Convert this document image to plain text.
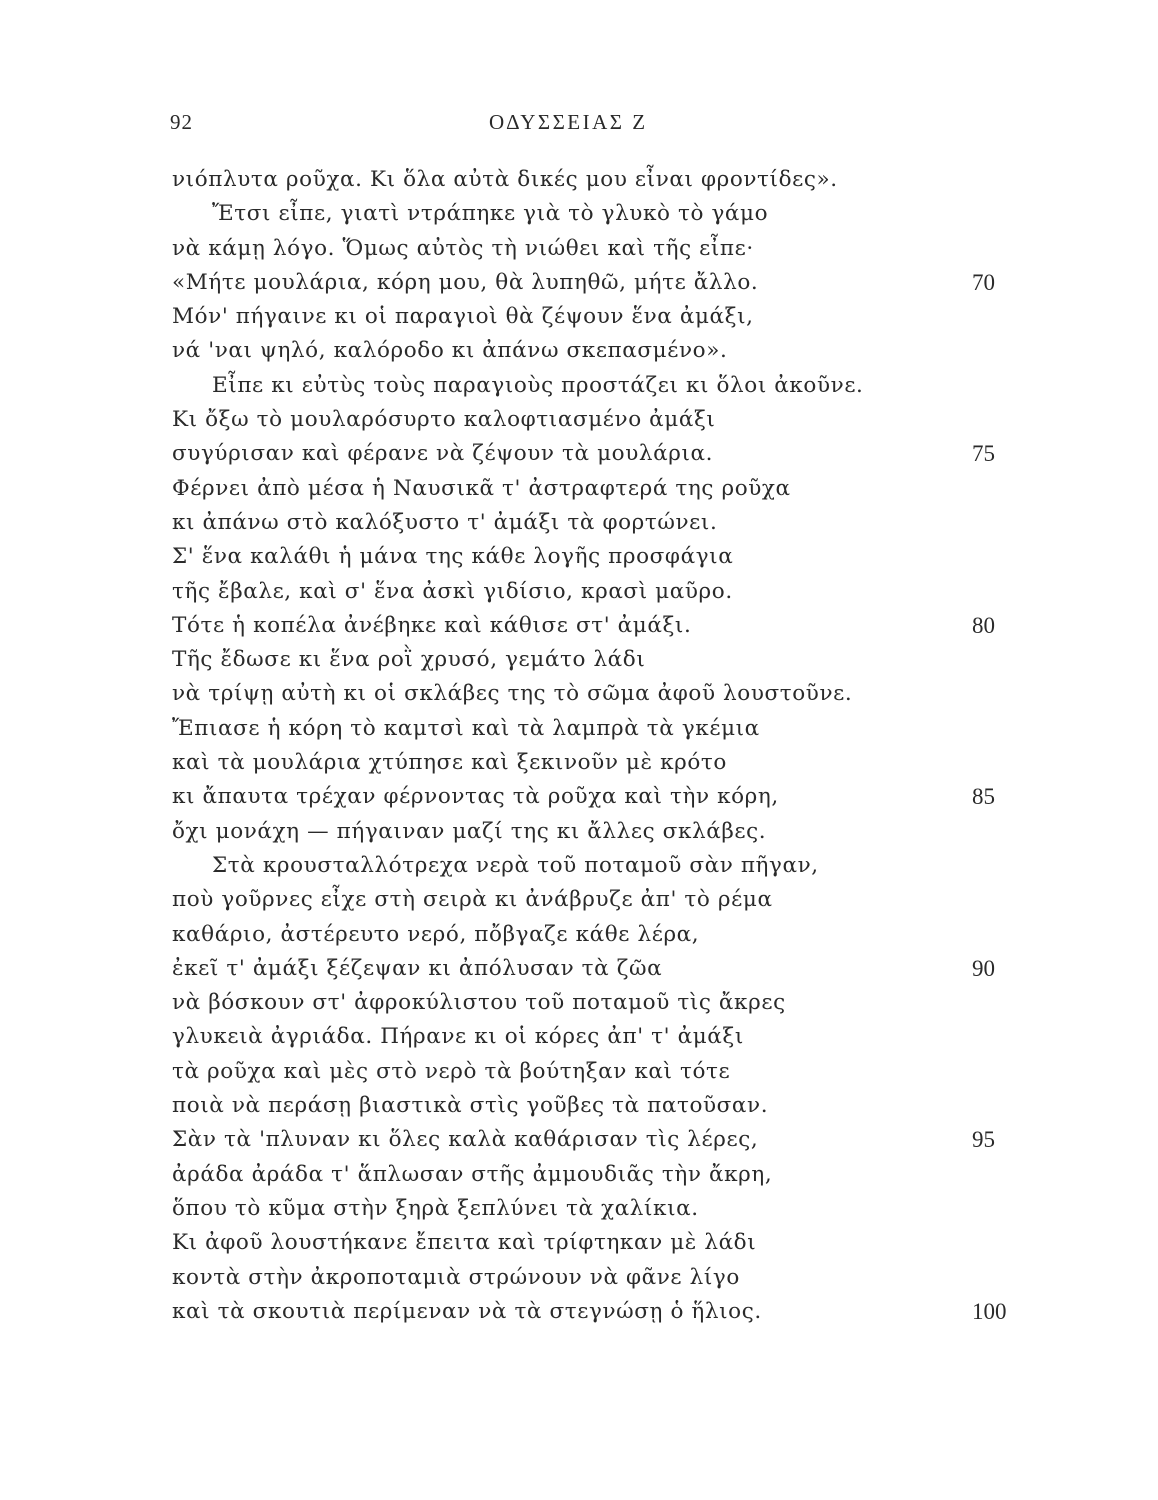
92	ΟΔΥΣΣΕΙΑΣ Ζ
νιόπλυτα ροῦχα. Κι ὅλα αὐτὰ δικές μου εἶναι φροντίδες».
Ἔτσι εἶπε, γιατὶ ντράπηκε γιὰ τὸ γλυκὸ τὸ γάμο
νὰ κάμῃ λόγο. Ὅμως αὐτὸς τὴ νιώθει καὶ τῆς εἶπε·
«Μήτε μουλάρια, κόρη μου, θὰ λυπηθῶ, μήτε ἄλλο.	70
Μόν' πήγαινε κι οἱ παραγιοὶ θὰ ζέψουν ἕνα ἀμάξι,
νά 'ναι ψηλό, καλόροδο κι ἀπάνω σκεπασμένο».
Εἶπε κι εὐτὺς τοὺς παραγιοὺς προστάζει κι ὅλοι ἀκοῦνε.
Κι ὄξω τὸ μουλαρόσυρτο καλοφτιασμένο ἀμάξι
συγύρισαν καὶ φέρανε νὰ ζέψουν τὰ μουλάρια.	75
Φέρνει ἀπὸ μέσα ἡ Ναυσικᾶ τ' ἀστραφτερά της ροῦχα
κι ἀπάνω στὸ καλόξυστο τ' ἀμάξι τὰ φορτώνει.
Σ' ἕνα καλάθι ἡ μάνα της κάθε λογῆς προσφάγια
τῆς ἔβαλε, καὶ σ' ἕνα ἀσκὶ γιδίσιο, κρασὶ μαῦρο.
Τότε ἡ κοπέλα ἀνέβηκε καὶ κάθισε στ' ἀμάξι.	80
Τῆς ἔδωσε κι ἕνα ροῒ χρυσό, γεμάτο λάδι
νὰ τρίψῃ αὐτὴ κι οἱ σκλάβες της τὸ σῶμα ἀφοῦ λουστοῦνε.
Ἔπιασε ἡ κόρη τὸ καμτσὶ καὶ τὰ λαμπρὰ τὰ γκέμια
καὶ τὰ μουλάρια χτύπησε καὶ ξεκινοῦν μὲ κρότο
κι ἄπαυτα τρέχαν φέρνοντας τὰ ροῦχα καὶ τὴν κόρη,	85
ὄχι μονάχη — πήγαιναν μαζί της κι ἄλλες σκλάβες.
Στὰ κρουσταλλότρεχα νερὰ τοῦ ποταμοῦ σὰν πῆγαν,
ποὺ γοῦρνες εἶχε στὴ σειρὰ κι ἀνάβρυζε ἀπ' τὸ ρέμα
καθάριο, ἀστέρευτο νερό, πὄβγαζε κάθε λέρα,
ἐκεῖ τ' ἀμάξι ξέζεψαν κι ἀπόλυσαν τὰ ζῶα	90
νὰ βόσκουν στ' ἀφροκύλιστου τοῦ ποταμοῦ τὶς ἄκρες
γλυκειὰ ἀγριάδα. Πήρανε κι οἱ κόρες ἀπ' τ' ἀμάξι
τὰ ροῦχα καὶ μὲς στὸ νερὸ τὰ βούτηξαν καὶ τότε
ποιὰ νὰ περάσῃ βιαστικὰ στὶς γοῦβες τὰ πατοῦσαν.
Σὰν τὰ 'πλυναν κι ὅλες καλὰ καθάρισαν τὶς λέρες,	95
ἀράδα ἀράδα τ' ἅπλωσαν στῆς ἀμμουδιᾶς τὴν ἄκρη,
ὅπου τὸ κῦμα στὴν ξηρὰ ξεπλύνει τὰ χαλίκια.
Κι ἀφοῦ λουστήκανε ἔπειτα καὶ τρίφτηκαν μὲ λάδι
κοντὰ στὴν ἀκροποταμιὰ στρώνουν νὰ φᾶνε λίγο
καὶ τὰ σκουτιὰ περίμεναν νὰ τὰ στεγνώσῃ ὁ ἥλιος.	100
